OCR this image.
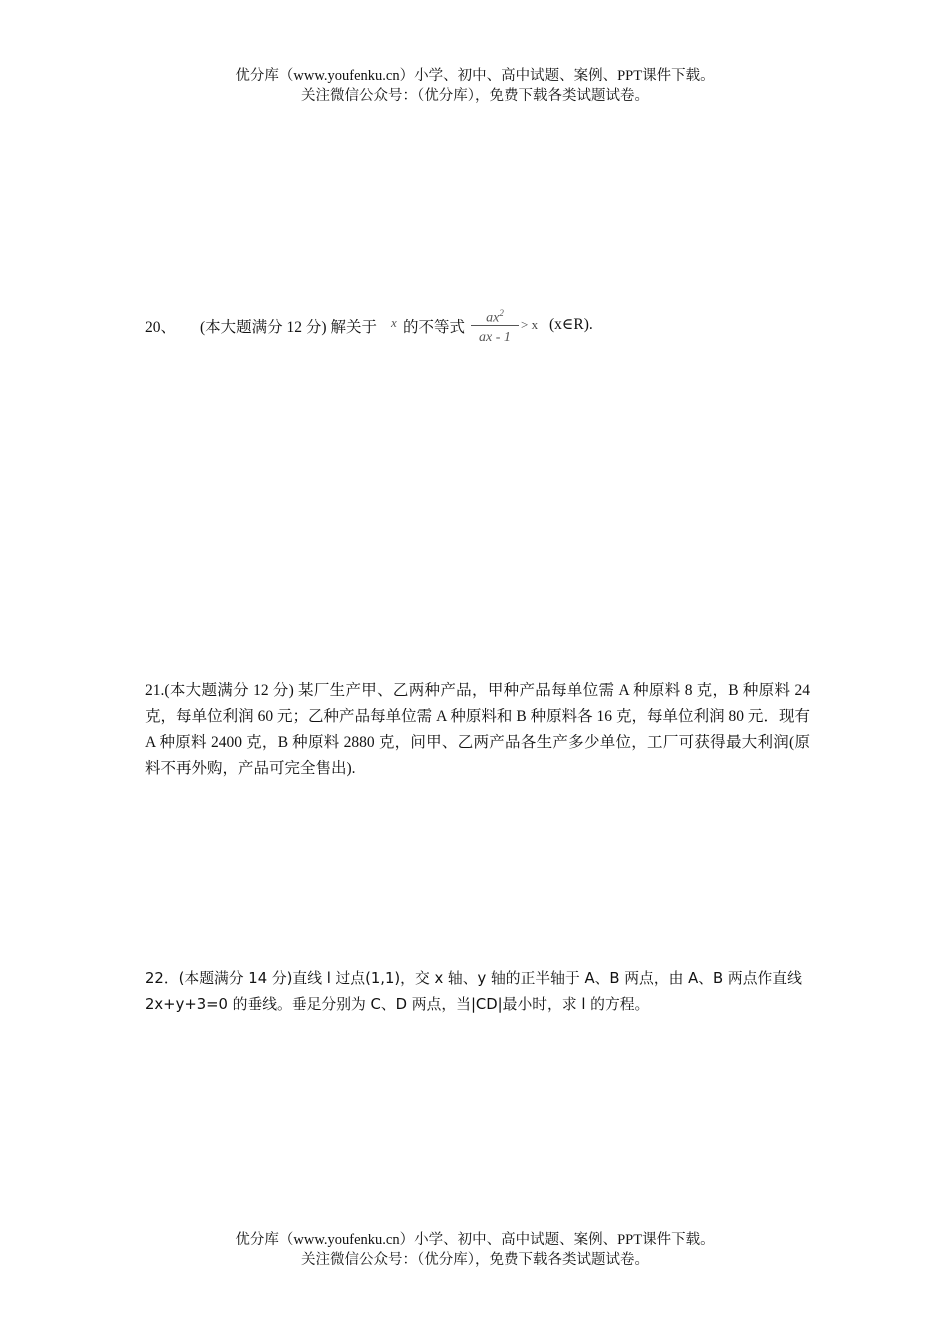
优分库（www.youfenku.cn）小学、初中、高中试题、案例、PPT课件下载。
关注微信公众号：（优分库），免费下载各类试题试卷。
20、 (本大题满分 12 分) 解关于 x 的不等式
$ax^2$
ax - 1
> x (x∈R).
21.(本大题满分 12 分) 某厂生产甲、乙两种产品，甲种产品每单位需 A 种原料 8 克，B 种原料 24 克，每单位利润 60 元；乙种产品每单位需 A 种原料和 B 种原料各 16 克，每单位利润 80 元．现有 A 种原料 2400 克，B 种原料 2880 克，问甲、乙两产品各生产多少单位，工厂可获得最大利润(原料不再外购，产品可完全售出).
22．(本题满分 14 分)直线 l 过点(1,1)，交 x 轴、y 轴的正半轴于 A、B 两点，由 A、B 两点作直线 2x+y+3=0 的垂线。垂足分别为 C、D 两点，当|CD|最小时，求 l 的方程。
优分库（www.youfenku.cn）小学、初中、高中试题、案例、PPT课件下载。
关注微信公众号：（优分库），免费下载各类试题试卷。
